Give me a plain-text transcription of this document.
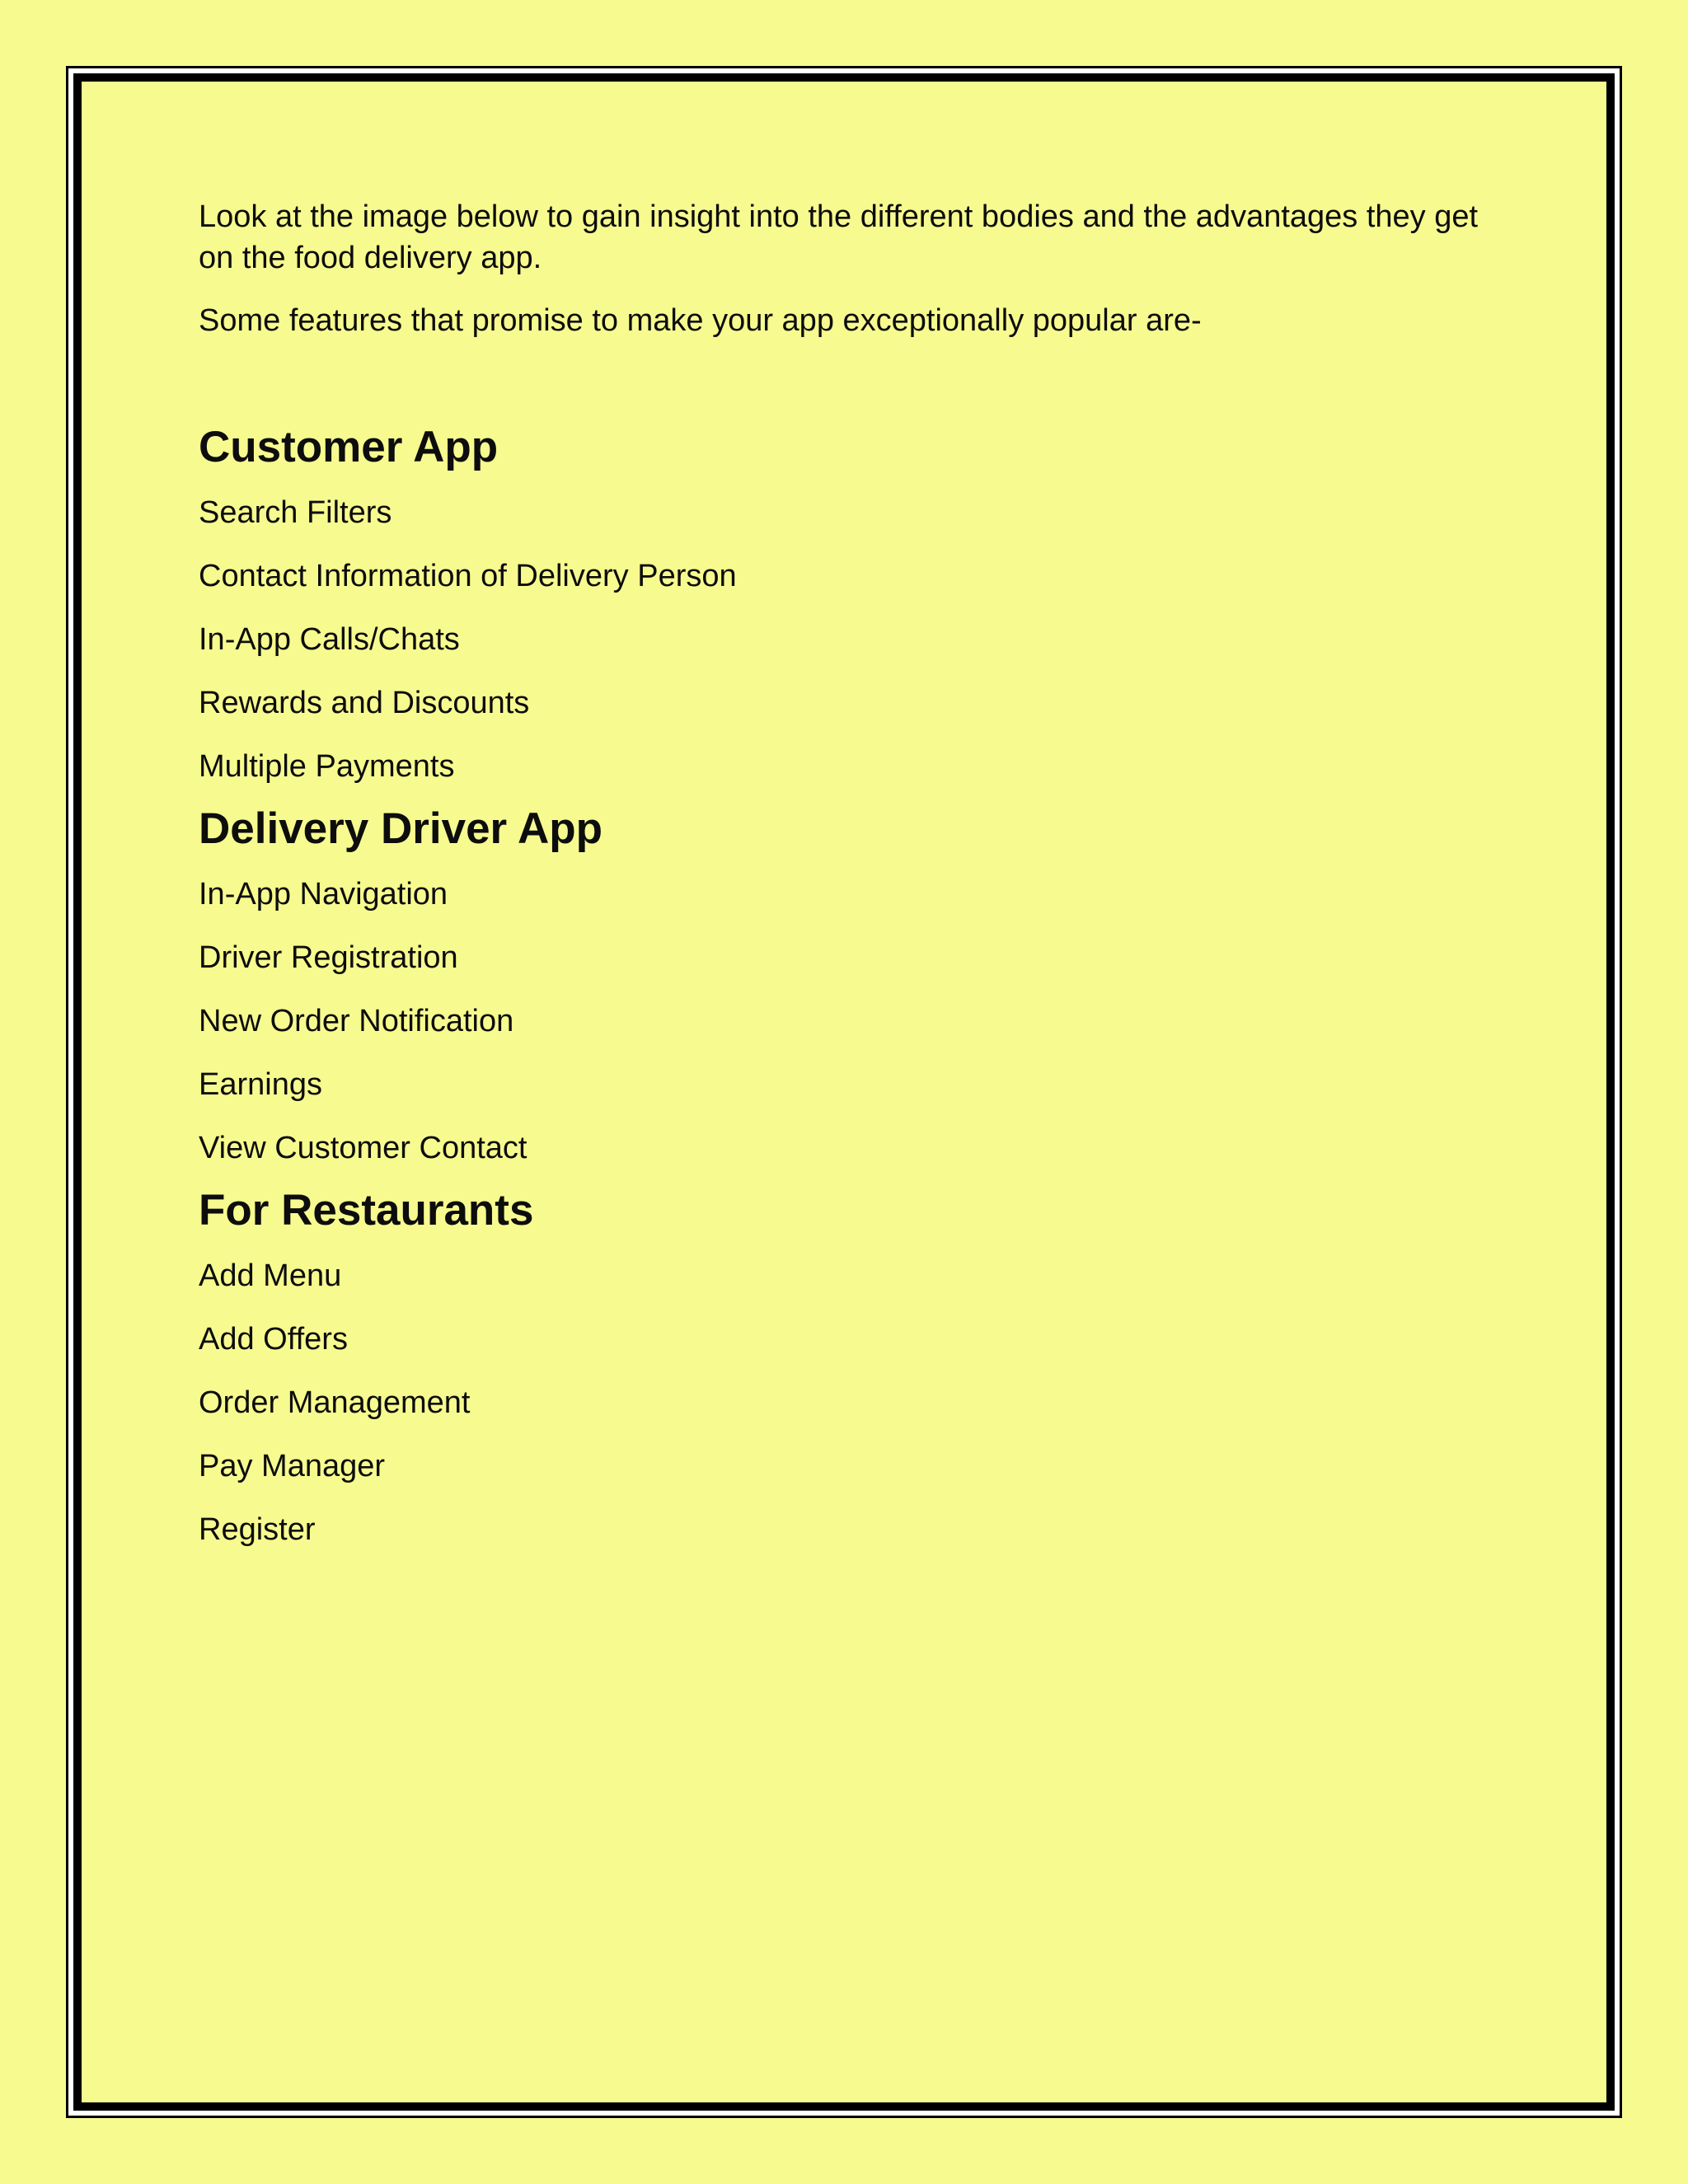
Look at the image below to gain insight into the different bodies and the advantages they get on the food delivery app.

Some features that promise to make your app exceptionally popular are-

Customer App
Search Filters
Contact Information of Delivery Person
In-App Calls/Chats
Rewards and Discounts
Multiple Payments
Delivery Driver App
In-App Navigation
Driver Registration
New Order Notification
Earnings
View Customer Contact
For Restaurants
Add Menu
Add Offers
Order Management
Pay Manager
Register
